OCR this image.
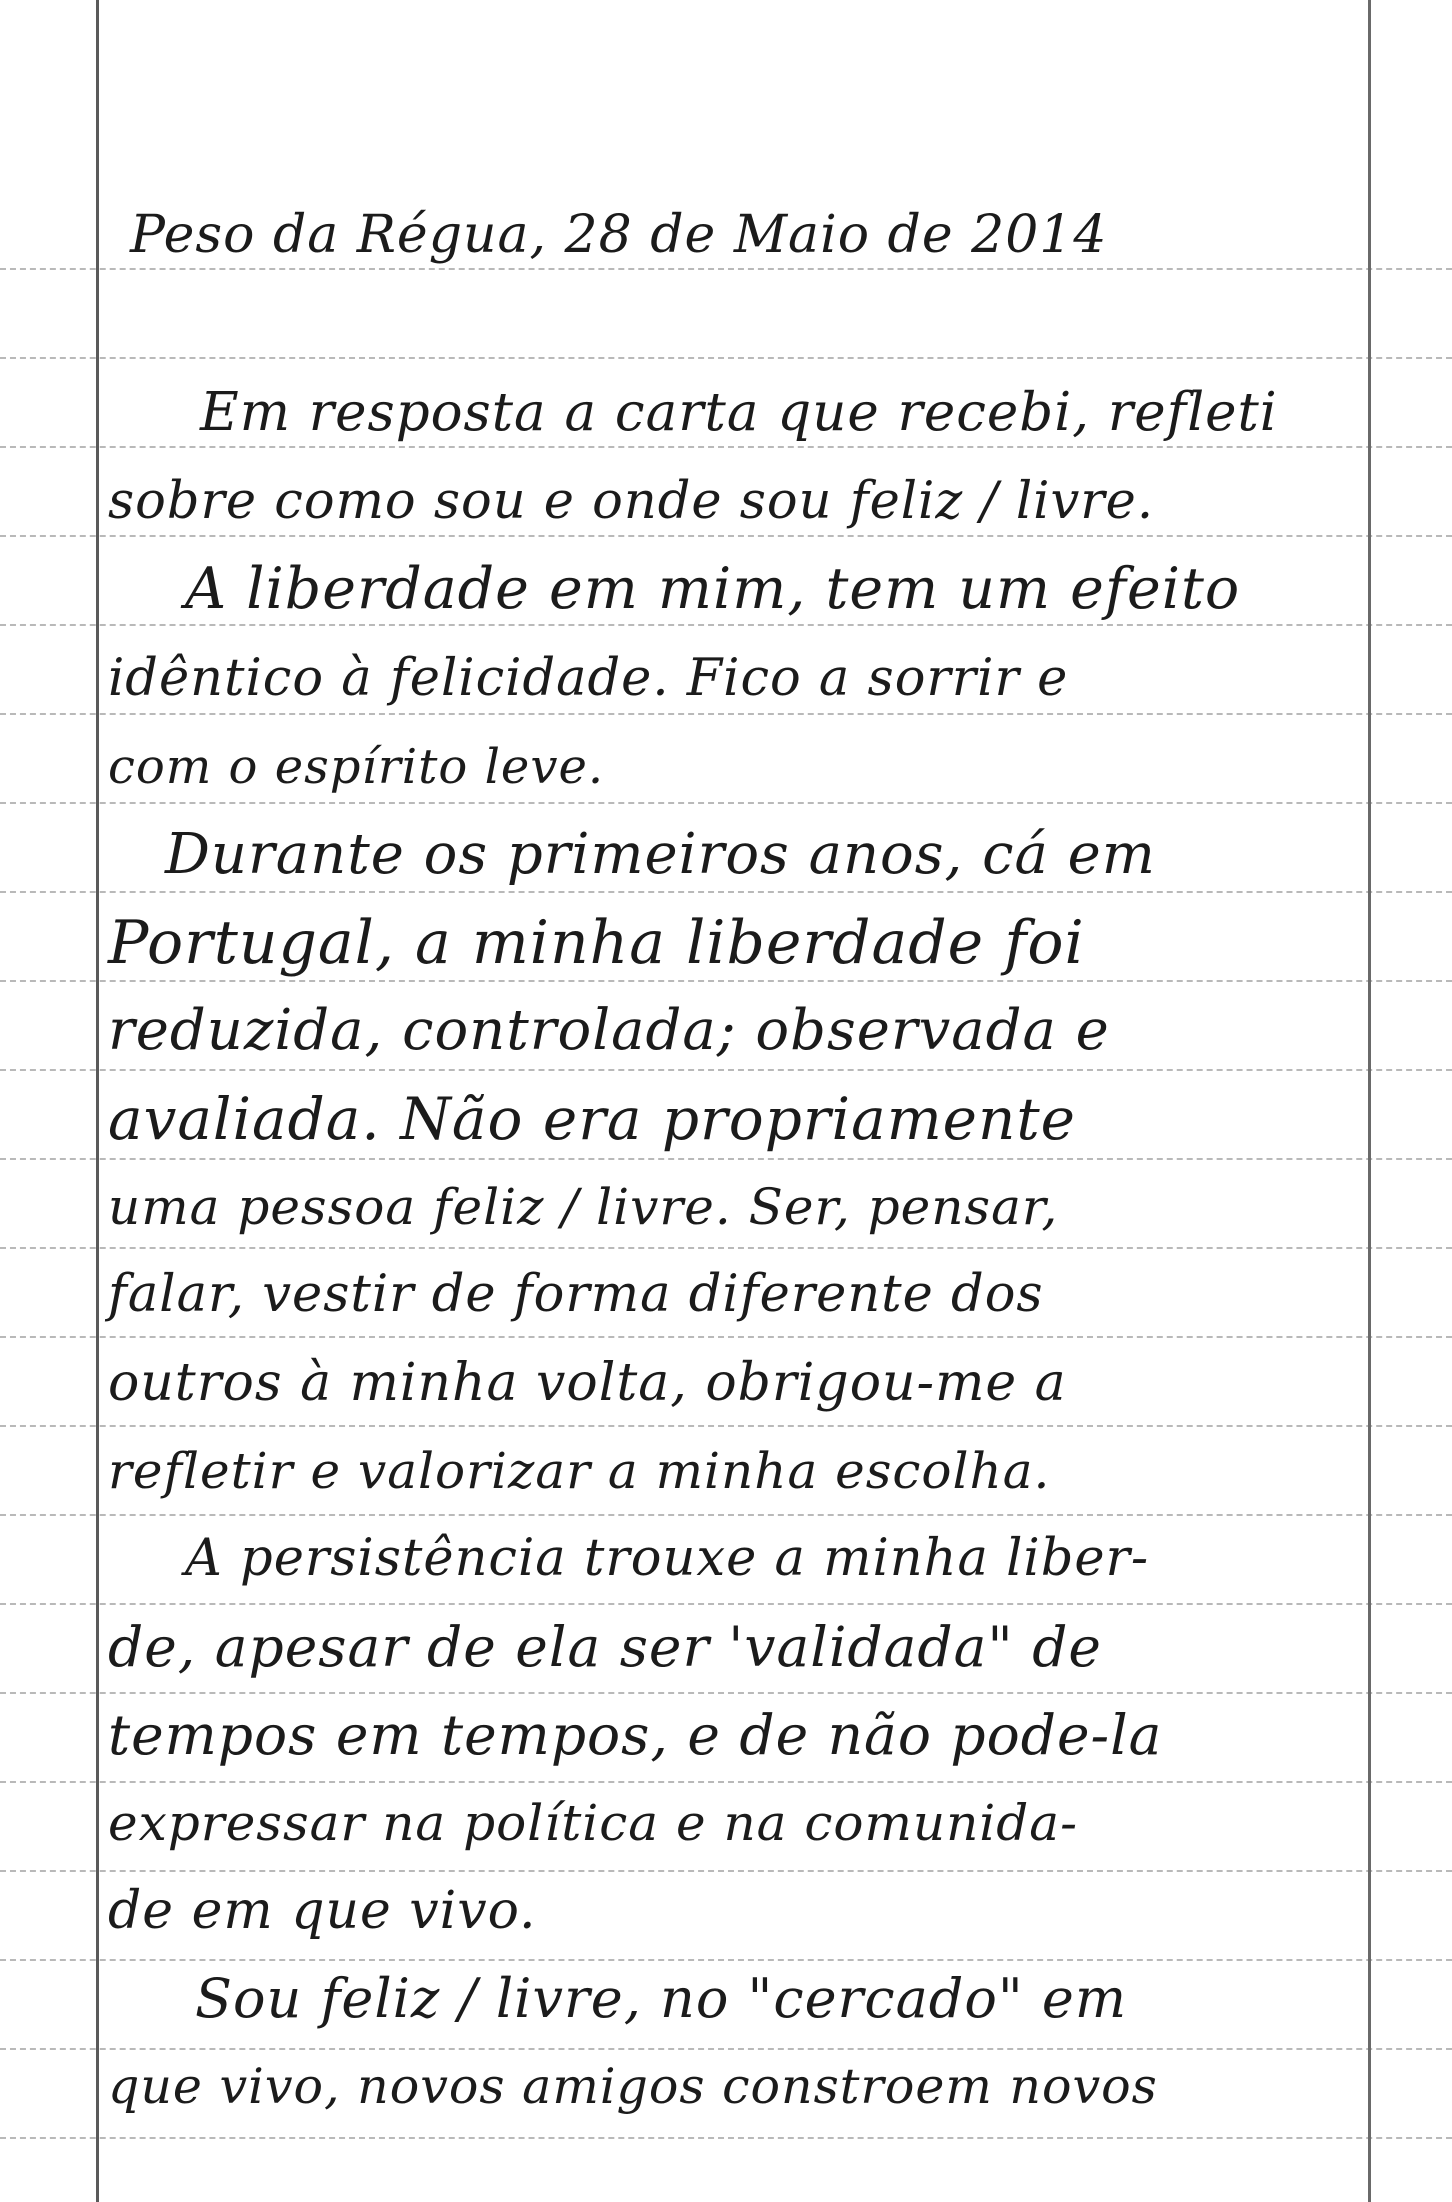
Peso da Régua, 28 de Maio de 2014
Em resposta a carta que recebi, refleti
sobre como sou e onde sou feliz / livre.
A liberdade em mim, tem um efeito
idêntico à felicidade. Fico a sorrir e
com o espírito leve.
Durante os primeiros anos, cá em
Portugal, a minha liberdade foi
reduzida, controlada; observada e
avaliada. Não era propriamente
uma pessoa feliz / livre. Ser, pensar,
falar, vestir de forma diferente dos
outros à minha volta, obrigou-me a
refletir e valorizar a minha escolha.
A persistência trouxe a minha liber-
de, apesar de ela ser 'validada" de
tempos em tempos, e de não pode-la
expressar na política e na comunida-
de em que vivo.
Sou feliz / livre, no "cercado" em
que vivo, novos amigos constroem novos
